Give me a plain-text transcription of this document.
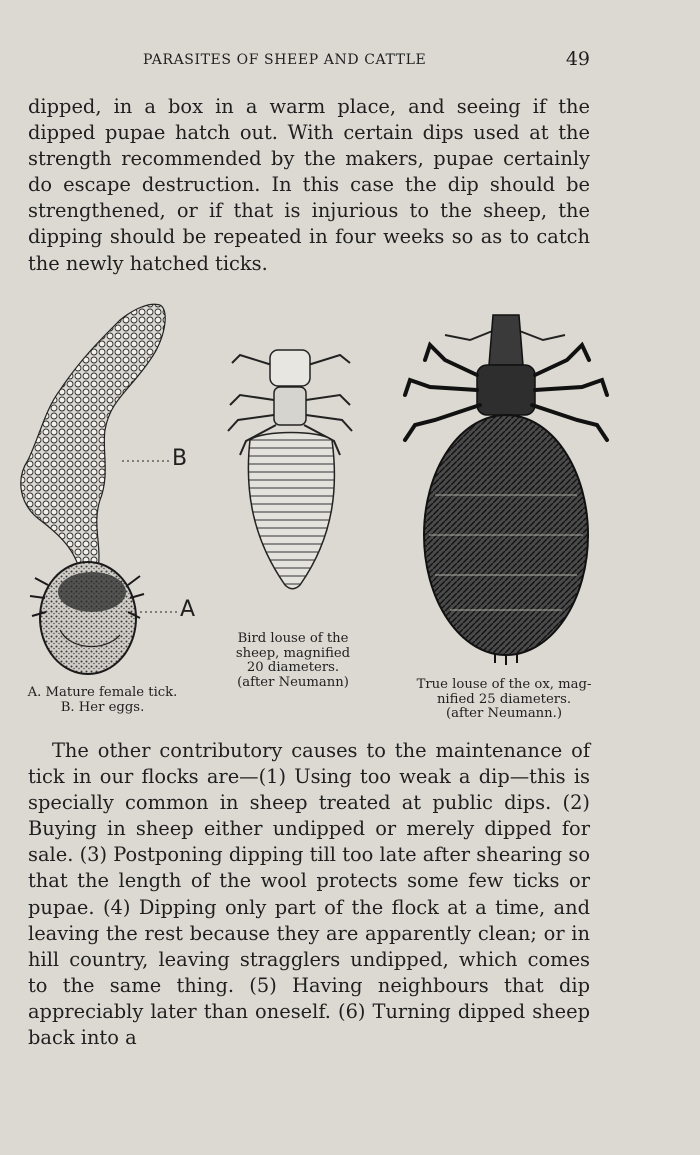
PARASITES OF SHEEP AND CATTLE	49

dipped, in a box in a warm place, and seeing if the dipped pupae hatch out. With certain dips used at the strength recommended by the makers, pupae certainly do escape destruction. In this case the dip should be strengthened, or if that is injurious to the sheep, the dipping should be repeated in four weeks so as to catch the newly hatched ticks.

B
A
A. Mature female tick.
B. Her eggs.
Bird louse of the
sheep, magnified
20 diameters.
(after Neumann)	True louse of the ox, mag-
nified 25 diameters.
(after Neumann.)

The other contributory causes to the maintenance of tick in our flocks are—(1) Using too weak a dip—this is specially common in sheep treated at public dips. (2) Buying in sheep either undipped or merely dipped for sale. (3) Postponing dipping till too late after shearing so that the length of the wool protects some few ticks or pupae. (4) Dipping only part of the flock at a time, and leaving the rest because they are apparently clean; or in hill country, leaving stragglers undipped, which comes to the same thing. (5) Having neighbours that dip appreciably later than oneself. (6) Turning dipped sheep back into a
